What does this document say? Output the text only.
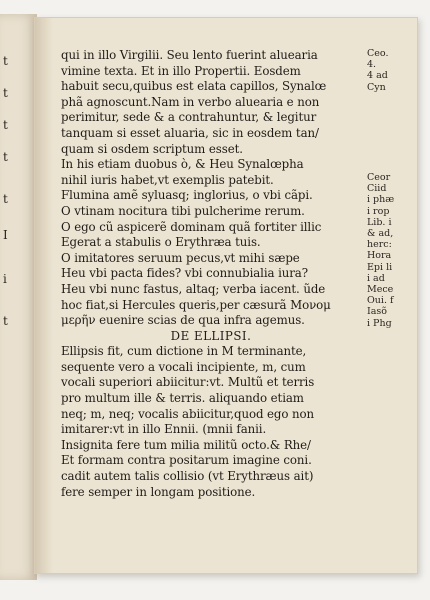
t
t
t
t
t
I
i
t
qui in illo Virgilii. Seu lento fuerint aluearia
vimine texta. Et in illo Propertii. Eosdem
habuit secu,quibus est elata capillos, Synalœ
phã agnoscunt.Nam in verbo aluearia e non
perimitur, sede & a contrahuntur, & legitur
tanquam si esset aluaria, sic in eosdem tan/
quam si osdem scriptum esset.
In his etiam duobus ò, & Heu Synalœpha
nihil iuris habet,vt exemplis patebit.
Flumina amẽ syluasq; inglorius, o vbi cãpi.
O vtinam nocitura tibi pulcherime rerum.
O ego cũ aspicerẽ dominam quã fortiter illic
Egerat a stabulis o Erythræa tuis.
O imitatores seruum pecus,vt mihi sæpe
Heu vbi pacta fides? vbi connubialia iura?
Heu vbi nunc fastus, altaq; verba iacent. ũde
hoc fiat,si Hercules queris,per cæsurã Μονομ
μερῆν euenire scias de qua infra agemus.
DE ELLIPSI.
Ellipsis fit, cum dictione in M terminante,
sequente vero a vocali incipiente, m, cum
vocali superiori abiicitur:vt. Multũ et terris
pro multum ille & terris. aliquando etiam
neq; m, neq; vocalis abiicitur,quod ego non
imitarer:vt in illo Ennii. (mnii fanii.
Insignita fere tum milia militũ octo.& Rhe/
Et formam contra positarum imagine coni.
cadit autem talis collisio (vt Erythræus ait)
fere semper in longam positione.
Ceo.
4.
4 ad
Cyn
Ceor
Ciid
i phæ
i rop
Lib. i
& ad,
herc:
Hora
Epi li
i ad
Mece
Oui. f
Iasõ
i Phg
